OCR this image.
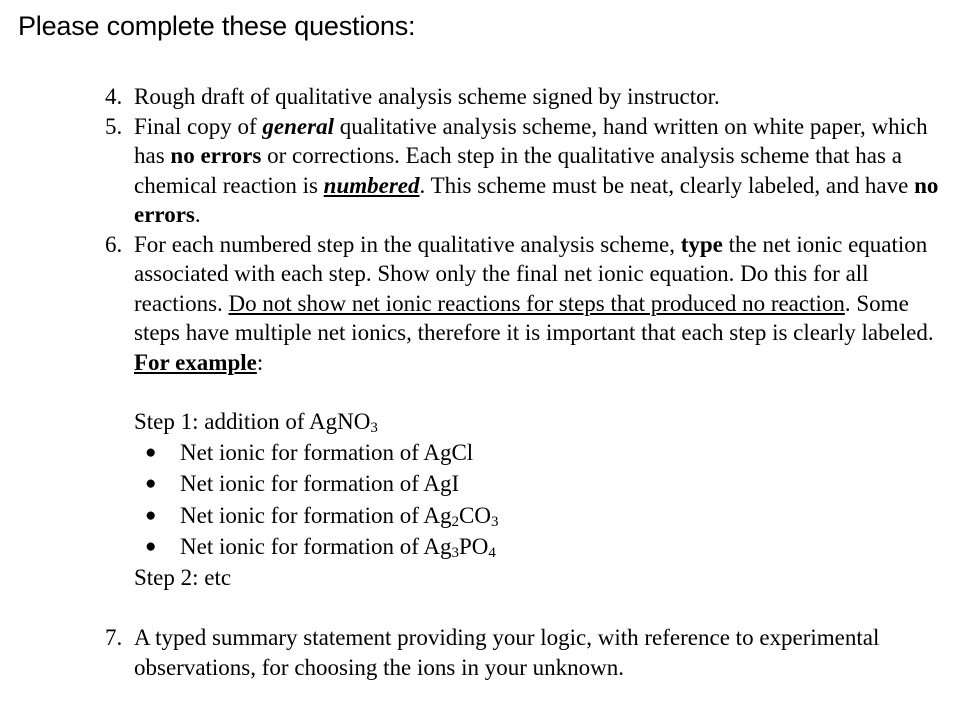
Please complete these questions:
4. Rough draft of qualitative analysis scheme signed by instructor.
5. Final copy of general qualitative analysis scheme, hand written on white paper, which has no errors or corrections. Each step in the qualitative analysis scheme that has a chemical reaction is numbered. This scheme must be neat, clearly labeled, and have no errors.
6. For each numbered step in the qualitative analysis scheme, type the net ionic equation associated with each step. Show only the final net ionic equation. Do this for all reactions. Do not show net ionic reactions for steps that produced no reaction. Some steps have multiple net ionics, therefore it is important that each step is clearly labeled. For example:
Step 1: addition of AgNO$_3$
● Net ionic for formation of AgCl
● Net ionic for formation of AgI
● Net ionic for formation of $Ag_2CO_3$
● Net ionic for formation of $Ag_3PO_4$
Step 2: etc
7. A typed summary statement providing your logic, with reference to experimental observations, for choosing the ions in your unknown.
